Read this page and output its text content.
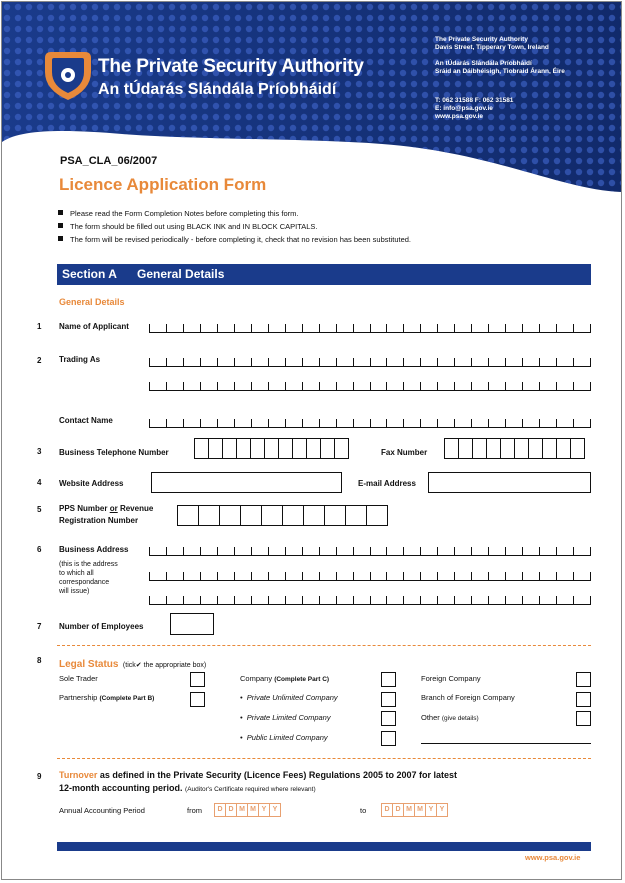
The Private Security Authority
An tÚdarás Slándála Príobháidí
The Private Security Authority
Davis Street, Tipperary Town, Ireland
An tÚdarás Slándála Príobháidí
Sráid an Dáibhéisigh, Tiobraid Árann, Éire
T: 062 31588 F: 062 31581
E: info@psa.gov.ie
www.psa.gov.ie
PSA_CLA_06/2007
Licence Application Form
Please read the Form Completion Notes before completing this form.
The form should be filled out using BLACK INK and IN BLOCK CAPITALS.
The form will be revised periodically - before completing it, check that no revision has been substituted.
Section A General Details
General Details
1 Name of Applicant
2 Trading As
Contact Name
3 Business Telephone Number	Fax Number
4 Website Address	E-mail Address
5 PPS Number or Revenue
Registration Number
6 Business Address
(this is the address
to which all
correspondance
will issue)
7 Number of Employees
8 Legal Status (tick✔ the appropriate box)
Sole Trader
Partnership (Complete Part B)
Company (Complete Part C)
•  Private Unlimited Company
•  Private Limited Company
•  Public Limited Company
Foreign Company
Branch of Foreign Company
Other (give details)
9 Turnover as defined in the Private Security (Licence Fees) Regulations 2005 to 2007 for latest
12-month accounting period. (Auditor's Certificate required where relevant)
Annual Accounting Period	from	D D M M Y Y	to	D D M M Y Y
www.psa.gov.ie
